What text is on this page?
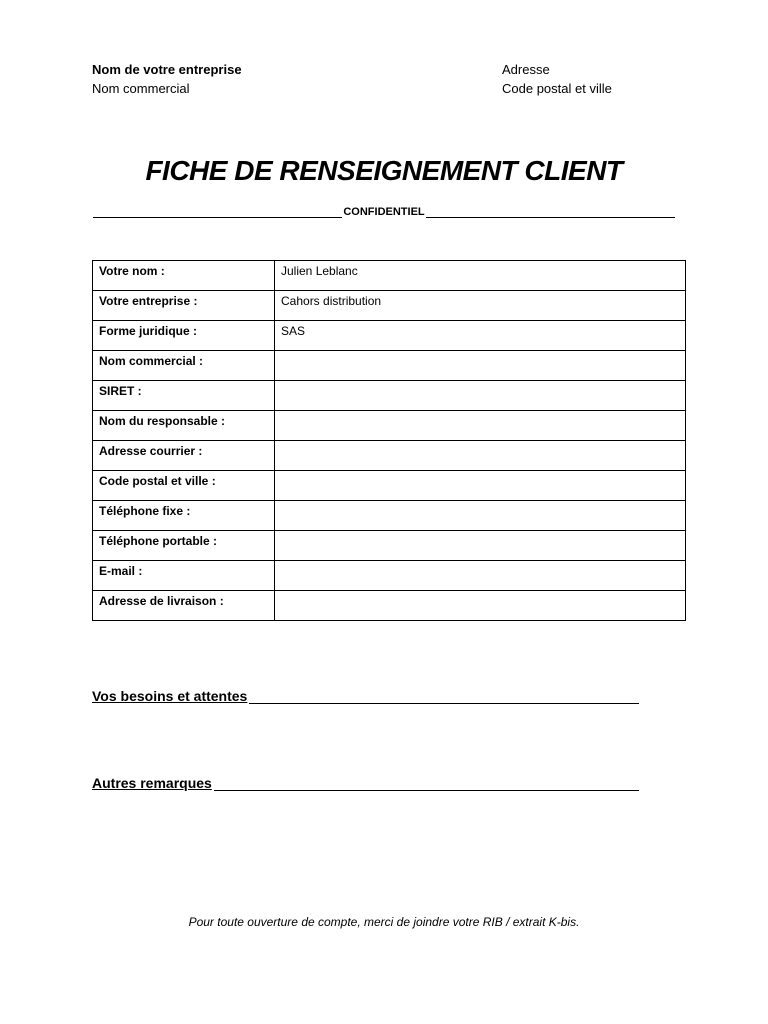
Nom de votre entreprise
Nom commercial
Adresse
Code postal et ville
FICHE DE RENSEIGNEMENT CLIENT
CONFIDENTIEL
Votre nom :	Julien Leblanc
Votre entreprise :	Cahors distribution
Forme juridique :	SAS
Nom commercial :	
SIRET :	
Nom du responsable :	
Adresse courrier :	
Code postal et ville :	
Téléphone fixe :	
Téléphone portable :	
E-mail :	
Adresse de livraison :	
Vos besoins et attentes
Autres remarques
Pour toute ouverture de compte, merci de joindre votre RIB / extrait K-bis.
